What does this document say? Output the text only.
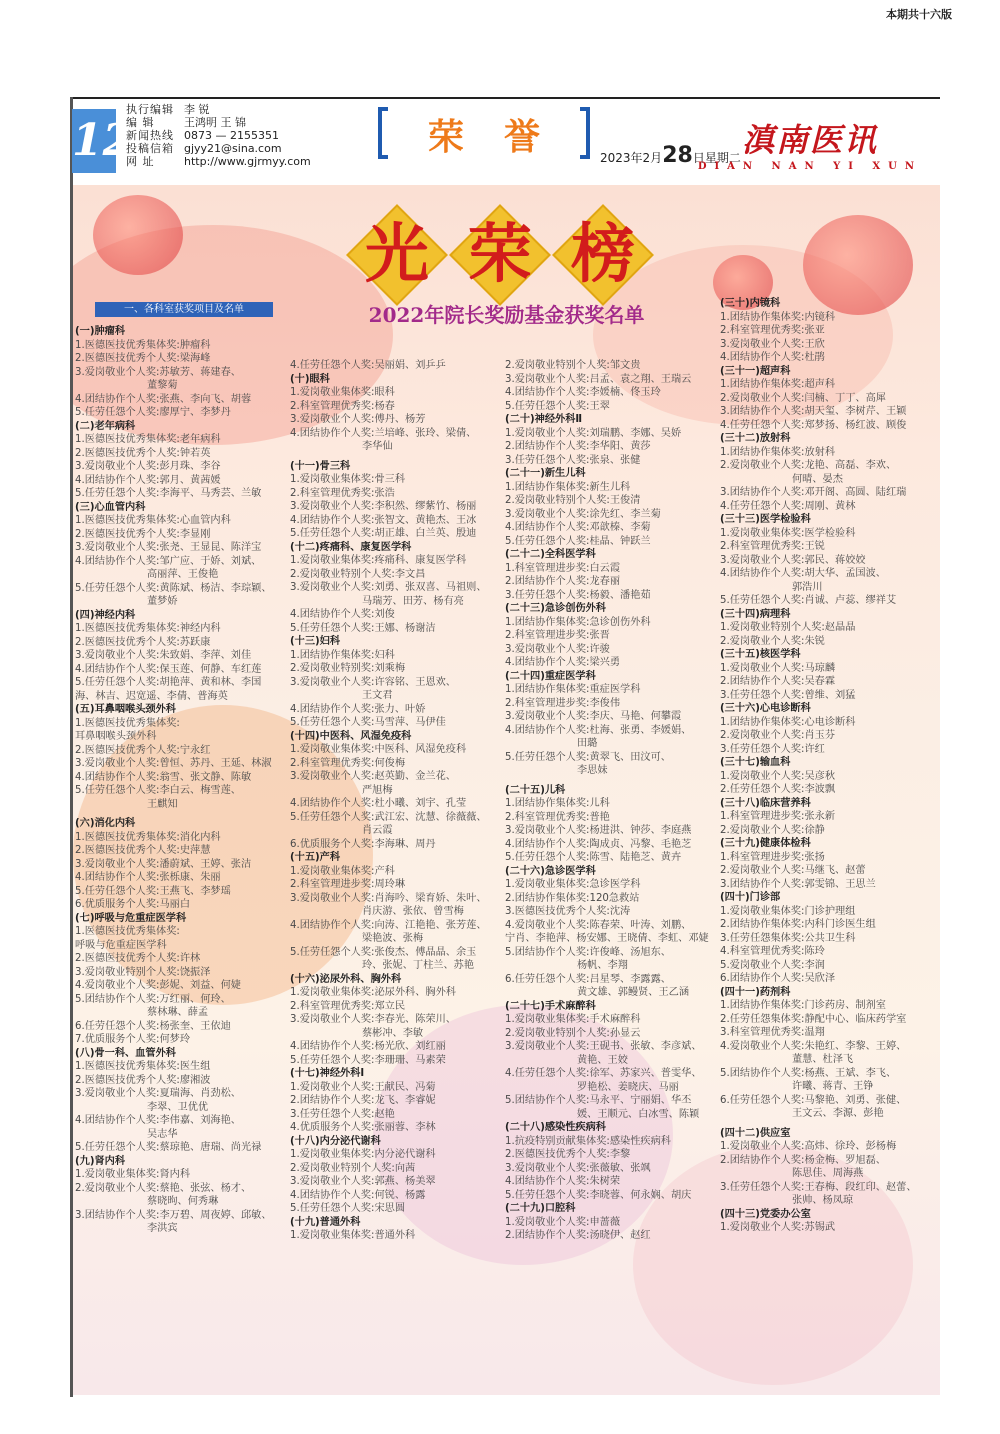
本期共十六版
12
执行编辑 李 锐
编 辑	王鸿明 王 锦
新闻热线 0873 — 2155351
投稿信箱 gjyy21@sina.com
网 址	http://www.gjrmyy.com
荣誉 2023年2月28日星期二 滇南医讯
DIAN NAN YI XUN
光 荣 榜
2022年院长奖励基金获奖名单
一、各科室获奖项目及名单
(一)肿瘤科
1.医德医技优秀集体奖:肿瘤科
2.医德医技优秀个人奖:梁海峰
3.爱岗敬业个人奖:苏敏芳、蒋建春、
董黎菊
4.团结协作个人奖:张燕、李向飞、胡蓉
5.任劳任怨个人奖:廖厚宁、李梦丹
(二)老年病科
1.医德医技优秀集体奖:老年病科
2.医德医技优秀个人奖:钟若英
3.爱岗敬业个人奖:彭月珠、李谷
4.团结协作个人奖:郭月、黄茜媛
5.任劳任怨个人奖:李海平、马秀芸、兰敏
(三)心血管内科
1.医德医技优秀集体奖:心血管内科
2.医德医技优秀个人奖:李显刚
3.爱岗敬业个人奖:张尧、王显昆、陈洋宝
4.团结协作个人奖:邹广应、于娇、刘斌、
高丽萍、王俊艳
5.任劳任怨个人奖:黄陈斌、杨洁、李琮颖、
董梦娇
(四)神经内科
1.医德医技优秀集体奖:神经内科
2.医德医技优秀个人奖:苏跃康
3.爱岗敬业个人奖:朱致娟、李萍、刘佳
4.团结协作个人奖:保玉莲、何静、车红莲
5.任劳任怨个人奖:胡艳萍、黄和林、李国
海、林吉、迟宽遥、李倩、普海英
(五)耳鼻咽喉头颈外科
1.医德医技优秀集体奖:
耳鼻咽喉头颈外科
2.医德医技优秀个人奖:宁永红
3.爱岗敬业个人奖:曾恒、苏丹、王延、林淑
4.团结协作个人奖:翁雪、张文静、陈敏
5.任劳任怨个人奖:李白云、梅雪莲、
王麒知
(六)消化内科
1.医德医技优秀集体奖:消化内科
2.医德医技优秀个人奖:史萍慧
3.爱岗敬业个人奖:潘蔚斌、王婷、张洁
4.团结协作个人奖:张栎康、朱丽
5.任劳任怨个人奖:王燕飞、李梦瑶
6.优质服务个人奖:马丽白
(七)呼吸与危重症医学科
1.医德医技优秀集体奖:
呼吸与危重症医学科
2.医德医技优秀个人奖:许林
3.爱岗敬业特别个人奖:饶振泽
4.爱岗敬业个人奖:彭妮、刘益、何婕
5.团结协作个人奖:万红丽、何玲、
蔡林琳、薛孟
6.任劳任怨个人奖:杨张奎、王依迪
7.优质服务个人奖:何梦玲
(八)骨一科、血管外科
1.医德医技优秀集体奖:医生组
2.医德医技优秀个人奖:廖湘波
3.爱岗敬业个人奖:夏瑞海、肖劲松、
李翠、卫优优
4.团结协作个人奖:李伟嘉、刘海艳、
吴志华
5.任劳任怨个人奖:蔡琼艳、唐瑞、尚光禄
(九)肾内科
1.爱岗敬业集体奖:肾内科
2.爱岗敬业个人奖:蔡艳、张弦、杨才、
蔡晓昫、何秀琳
3.团结协作个人奖:李万碧、周夜婷、邱敏、
李洪宾
4.任劳任怨个人奖:吴丽娟、刘乒乒
(十)眼科
1.爱岗敬业集体奖:眼科
2.科室管理优秀奖:杨春
3.爱岗敬业个人奖:傅丹、杨芳
4.团结协作个人奖:兰培峰、张玲、梁倩、
李华仙
(十一)骨三科
1.爱岗敬业集体奖:骨三科
2.科室管理优秀奖:张浩
3.爱岗敬业个人奖:李积然、缪紫竹、杨丽
4.团结协作个人奖:张智文、黄艳杰、王冰
5.任劳任怨个人奖:胡正雄、白兰英、殷迪
(十二)疼痛科、康复医学科
1.爱岗敬业集体奖:疼痛科、康复医学科
2.爱岗敬业特别个人奖:李文昌
3.爱岗敬业个人奖:刘勇、张双喜、马祖则、
马瑞芳、田芳、杨有亮
4.团结协作个人奖:刘俊
5.任劳任怨个人奖:王娜、杨谢洁
(十三)妇科
1.团结协作集体奖:妇科
2.爱岗敬业特别奖:刘乘梅
3.爱岗敬业个人奖:许容铭、王恩欢、
王文君
4.团结协作个人奖:张力、叶娇
5.任劳任怨个人奖:马雪萍、马伊佳
(十四)中医科、风湿免疫科
1.爱岗敬业集体奖:中医科、风湿免疫科
2.科室管理优秀奖:何俊梅
3.爱岗敬业个人奖:赵英勤、金兰花、
严旭梅
4.团结协作个人奖:杜小曦、刘宇、孔莹
5.任劳任怨个人奖:武江宏、沈慧、徐薇薇、
肖云霞
6.优质服务个人奖:李海琳、周丹
(十五)产科
1.爱岗敬业集体奖:产科
2.科室管理进步奖:周玲琳
3.爱岗敬业个人奖:肖海吟、梁育娇、朱叶、
肖庆游、张依、曾雪梅
4.团结协作个人奖:向涛、江艳艳、张芳莲、
梁艳波、张梅
5.任劳任怨个人奖:张俊杰、傅晶晶、余玉
玲、张妮、丁柱兰、苏艳
(十六)泌尿外科、胸外科
1.爱岗敬业集体奖:泌尿外科、胸外科
2.科室管理优秀奖:郑立民
3.爱岗敬业个人奖:李春光、陈荣川、
蔡彬冲、李敏
4.团结协作个人奖:杨光欣、刘红丽
5.任劳任怨个人奖:李珊珊、马素荣
(十七)神经外科Ⅰ
1.爱岗敬业个人奖:王献民、冯菊
2.团结协作个人奖:龙飞、李睿妮
3.任劳任怨个人奖:赵艳
4.优质服务个人奖:张丽蓉、李林
(十八)内分泌代谢科
1.爱岗敬业集体奖:内分泌代谢科
2.爱岗敬业特别个人奖:向茜
3.爱岗敬业个人奖:郭燕、杨美翠
4.团结协作个人奖:何锐、杨露
5.任劳任怨个人奖:宋思圆
(十九)普通外科
1.爱岗敬业集体奖:普通外科
2.爱岗敬业特别个人奖:邹文贵
3.爱岗敬业个人奖:吕孟、袁之翔、王瑞云
4.团结协作个人奖:李媛楠、佟玉玲
5.任劳任怨个人奖:王翠
(二十)神经外科Ⅱ
1.爱岗敬业个人奖:刘瑞鹏、李娜、吴娇
2.团结协作个人奖:李华阳、黄莎
3.任劳任怨个人奖:张泉、张健
(二十一)新生儿科
1.团结协作集体奖:新生儿科
2.爱岗敬业特别个人奖:王俊清
3.爱岗敬业个人奖:涂先红、李兰菊
4.团结协作个人奖:邓歆榛、李菊
5.任劳任怨个人奖:桂晶、钟跃兰
(二十二)全科医学科
1.科室管理进步奖:白云霞
2.团结协作个人奖:龙春丽
3.任劳任怨个人奖:杨毅、潘艳茹
(二十三)急诊创伤外科
1.团结协作集体奖:急诊创伤外科
2.科室管理进步奖:张晋
3.爱岗敬业个人奖:许骏
4.团结协作个人奖:梁兴勇
(二十四)重症医学科
1.团结协作集体奖:重症医学科
2.科室管理进步奖:李俊伟
3.爱岗敬业个人奖:李庆、马艳、何攀霞
4.团结协作个人奖:杜海、张勇、李媛娟、
田璐
5.任劳任怨个人奖:黄翠飞、田汶可、
李思妹
(二十五)儿科
1.团结协作集体奖:儿科
2.科室管理优秀奖:普艳
3.爱岗敬业个人奖:杨进洪、钟莎、李庭燕
4.团结协作个人奖:陶成贞、冯黎、毛艳芝
5.任劳任怨个人奖:陈雪、陆艳芝、黄卉
(二十六)急诊医学科
1.爱岗敬业集体奖:急诊医学科
2.团结协作集体奖:120急救站
3.医德医技优秀个人奖:沈涛
4.爱岗敬业个人奖:陈春荣、叶涛、刘鹏、
宁肖、李艳萍、杨安娜、王晓倩、李虹、邓婕
5.团结协作个人奖:许俊峰、汤旭东、
杨帆、李翔
6.任劳任怨个人奖:吕星琴、李露露、
黄文雄、郭鳗贤、王乙涵
(二十七)手术麻醉科
1.爱岗敬业集体奖:手术麻醉科
2.爱岗敬业特别个人奖:孙显云
3.爱岗敬业个人奖:王砚书、张敏、李彦斌、
黄艳、王姣
4.任劳任怨个人奖:徐军、苏家兴、普雯华、
罗艳松、姜晓庆、马丽
5.团结协作个人奖:马永平、宁丽娟、华丕
媛、王顺元、白冰雪、陈颖
(二十八)感染性疾病科
1.抗疫特别贡献集体奖:感染性疾病科
2.医德医技优秀个人奖:李黎
3.爱岗敬业个人奖:张薇敏、张飒
4.团结协作个人奖:朱树荣
5.任劳任怨个人奖:李晓蓉、何永娴、胡庆
(二十九)口腔科
1.爱岗敬业个人奖:申蔷薇
2.团结协作个人奖:汤晓伊、赵红
(三十)内镜科
1.团结协作集体奖:内镜科
2.科室管理优秀奖:张亚
3.爱岗敬业个人奖:王欣
4.团结协作个人奖:杜鹃
(三十一)超声科
1.团结协作集体奖:超声科
2.爱岗敬业个人奖:闫楠、丁丁、高犀
3.团结协作个人奖:胡天玺、李树芹、王颖
4.任劳任怨个人奖:郑梦扬、杨红波、顾俊
(三十二)放射科
1.团结协作集体奖:放射科
2.爱岗敬业个人奖:龙艳、高磊、李欢、
何晴、晏杰
3.团结协作个人奖:邓开阁、高圆、陆红瑞
4.任劳任怨个人奖:周刚、黄林
(三十三)医学检验科
1.爱岗敬业集体奖:医学检验科
2.科室管理优秀奖:王锐
3.爱岗敬业个人奖:郭民、蒋姣姣
4.团结协作个人奖:胡大华、孟国波、
郭浩川
5.任劳任怨个人奖:肖诚、卢蕊、缪祥艾
(三十四)病理科
1.爱岗敬业特别个人奖:赵晶晶
2.爱岗敬业个人奖:朱锐
(三十五)核医学科
1.爱岗敬业个人奖:马琼麟
2.团结协作个人奖:吴春霖
3.任劳任怨个人奖:曾维、刘猛
(三十六)心电诊断科
1.团结协作集体奖:心电诊断科
2.爱岗敬业个人奖:肖玉芬
3.任劳任怨个人奖:许红
(三十七)输血科
1.爱岗敬业个人奖:吴彦秋
2.任劳任怨个人奖:李波飘
(三十八)临床营养科
1.科室管理进步奖:张永新
2.爱岗敬业个人奖:徐静
(三十九)健康体检科
1.科室管理进步奖:张扬
2.爱岗敬业个人奖:马继飞、赵蕾
3.团结协作个人奖:郭雯锦、王思兰
(四十)门诊部
1.爱岗敬业集体奖:门诊护理组
2.团结协作集体奖:内科门诊医生组
3.任劳任怨集体奖:公共卫生科
4.科室管理优秀奖:陈玲
5.爱岗敬业个人奖:李润
6.团结协作个人奖:吴欣泽
(四十一)药剂科
1.团结协作集体奖:门诊药房、制剂室
2.任劳任怨集体奖:静配中心、临床药学室
3.科室管理优秀奖:温翔
4.爱岗敬业个人奖:朱艳红、李黎、王婷、
董慧、杜泽飞
5.团结协作个人奖:杨燕、王斌、李飞、
许曦、蒋青、王铮
6.任劳任怨个人奖:马黎艳、刘勇、张健、
王文云、李源、彭艳
(四十二)供应室
1.爱岗敬业个人奖:高炜、徐玲、彭杨梅
2.团结协作个人奖:杨金梅、罗旭磊、
陈思佳、周海燕
3.任劳任怨个人奖:王春梅、段红印、赵蕾、
张帅、杨凤琼
(四十三)党委办公室
1.爱岗敬业个人奖:苏锡武
